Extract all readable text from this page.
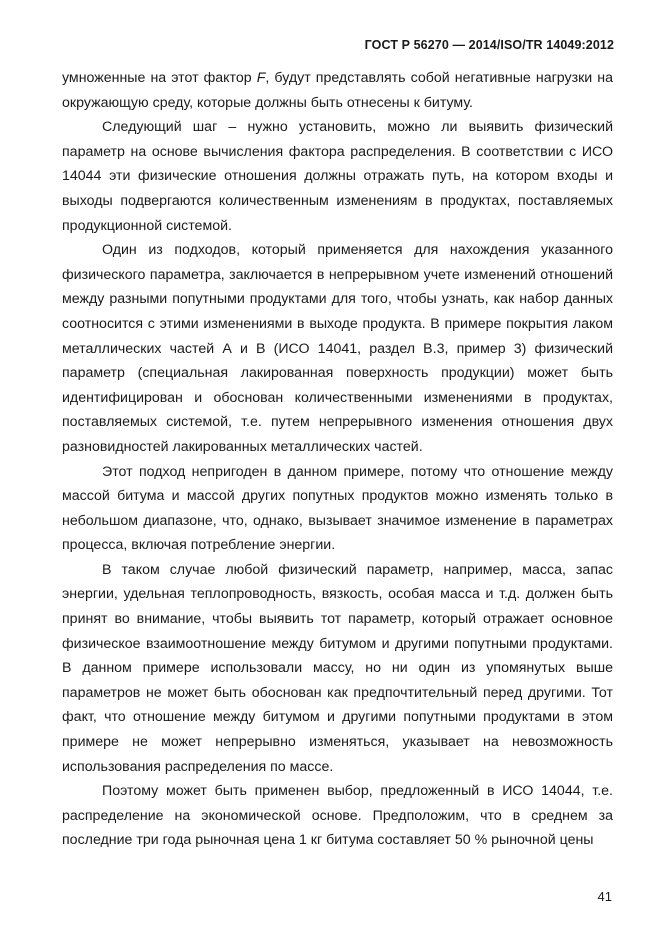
ГОСТ Р 56270 — 2014/ISO/TR 14049:2012

умноженные на этот фактор F, будут представлять собой негативные нагрузки на окружающую среду, которые должны быть отнесены к битуму.

Следующий шаг – нужно установить, можно ли выявить физический параметр на основе вычисления фактора распределения. В соответствии с ИСО 14044 эти физические отношения должны отражать путь, на котором входы и выходы подвергаются количественным изменениям в продуктах, поставляемых продукционной системой.

Один из подходов, который применяется для нахождения указанного физического параметра, заключается в непрерывном учете изменений отношений между разными попутными продуктами для того, чтобы узнать, как набор данных соотносится с этими изменениями в выходе продукта. В примере покрытия лаком металлических частей А и В (ИСО 14041, раздел В.3, пример 3) физический параметр (специальная лакированная поверхность продукции) может быть идентифицирован и обоснован количественными изменениями в продуктах, поставляемых системой, т.е. путем непрерывного изменения отношения двух разновидностей лакированных металлических частей.

Этот подход непригоден в данном примере, потому что отношение между массой битума и массой других попутных продуктов можно изменять только в небольшом диапазоне, что, однако, вызывает значимое изменение в параметрах процесса, включая потребление энергии.

В таком случае любой физический параметр, например, масса, запас энергии, удельная теплопроводность, вязкость, особая масса и т.д. должен быть принят во внимание, чтобы выявить тот параметр, который отражает основное физическое взаимоотношение между битумом и другими попутными продуктами. В данном примере использовали массу, но ни один из упомянутых выше параметров не может быть обоснован как предпочтительный перед другими. Тот факт, что отношение между битумом и другими попутными продуктами в этом примере не может непрерывно изменяться, указывает на невозможность использования распределения по массе.

Поэтому может быть применен выбор, предложенный в ИСО 14044, т.е. распределение на экономической основе. Предположим, что в среднем за последние три года рыночная цена 1 кг битума составляет 50 % рыночной цены

41
